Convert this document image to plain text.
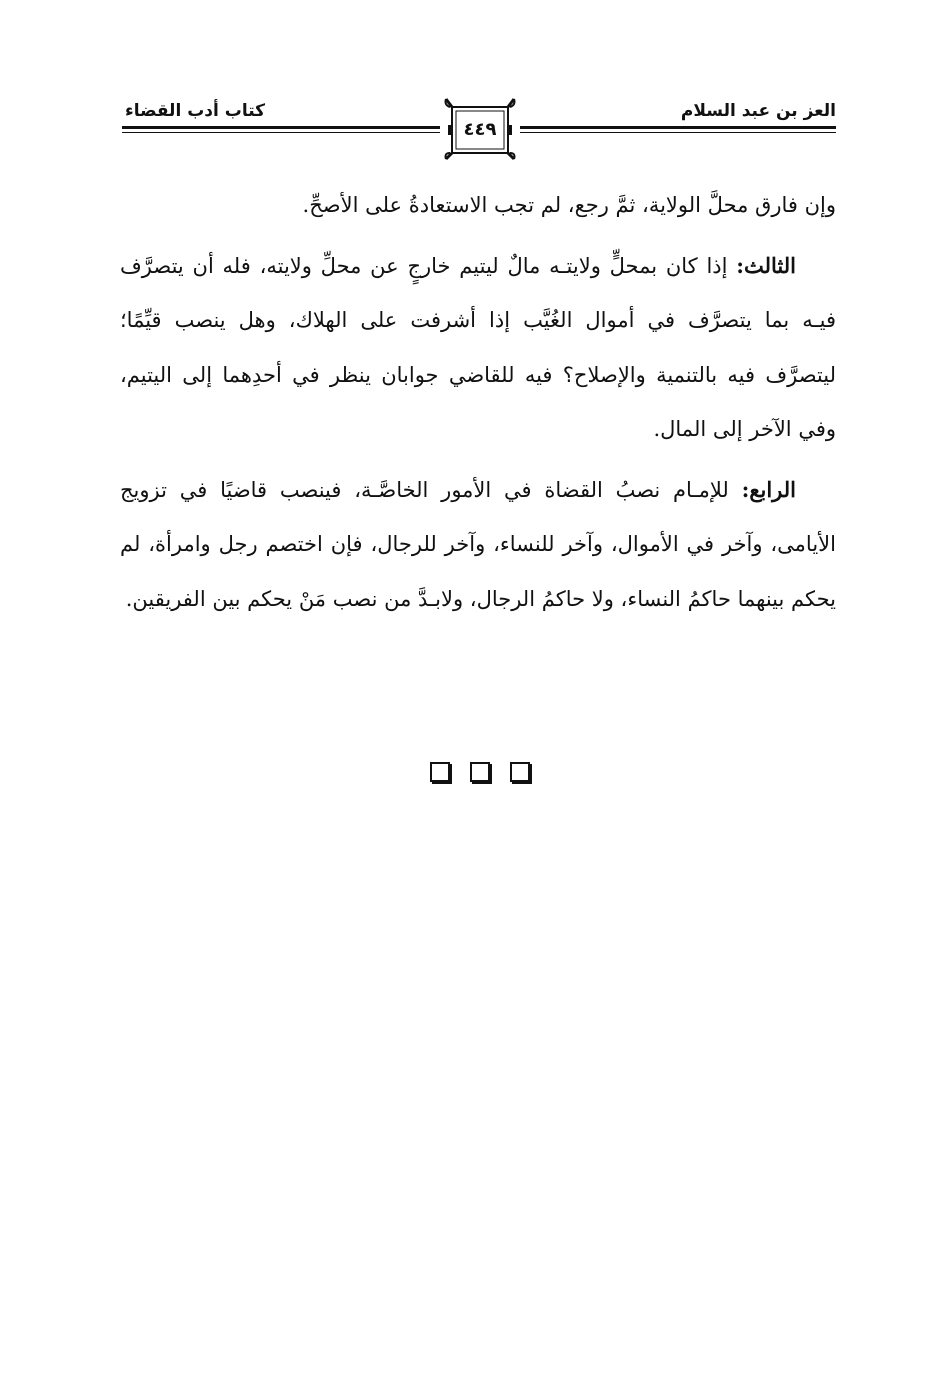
العز بن عبد السلام
كتاب أدب القضاء
٤٤٩

وإن فارق محلَّ الولاية، ثمَّ رجع، لم تجب الاستعادةُ على الأصحِّ.

الثالث: إذا كان بمحلٍّ ولايتـه مالٌ ليتيم خارجٍ عن محلِّ ولايته، فله أن يتصرَّف فيـه بما يتصرَّف في أموال الغُيَّب إذا أشرفت على الهلاك، وهل ينصب قيِّمًا؛ ليتصرَّف فيه بالتنمية والإصلاح؟ فيه للقاضي جوابان ينظر في أحدِهما إلى اليتيم، وفي الآخر إلى المال.

الرابع: للإمـام نصبُ القضاة في الأمور الخاصَّـة، فينصب قاضيًا في تزويج الأيامى، وآخر في الأموال، وآخر للنساء، وآخر للرجال، فإن اختصم رجل وامرأة، لم يحكم بينهما حاكمُ النساء، ولا حاكمُ الرجال، ولابـدَّ من نصب مَنْ يحكم بين الفريقين.
